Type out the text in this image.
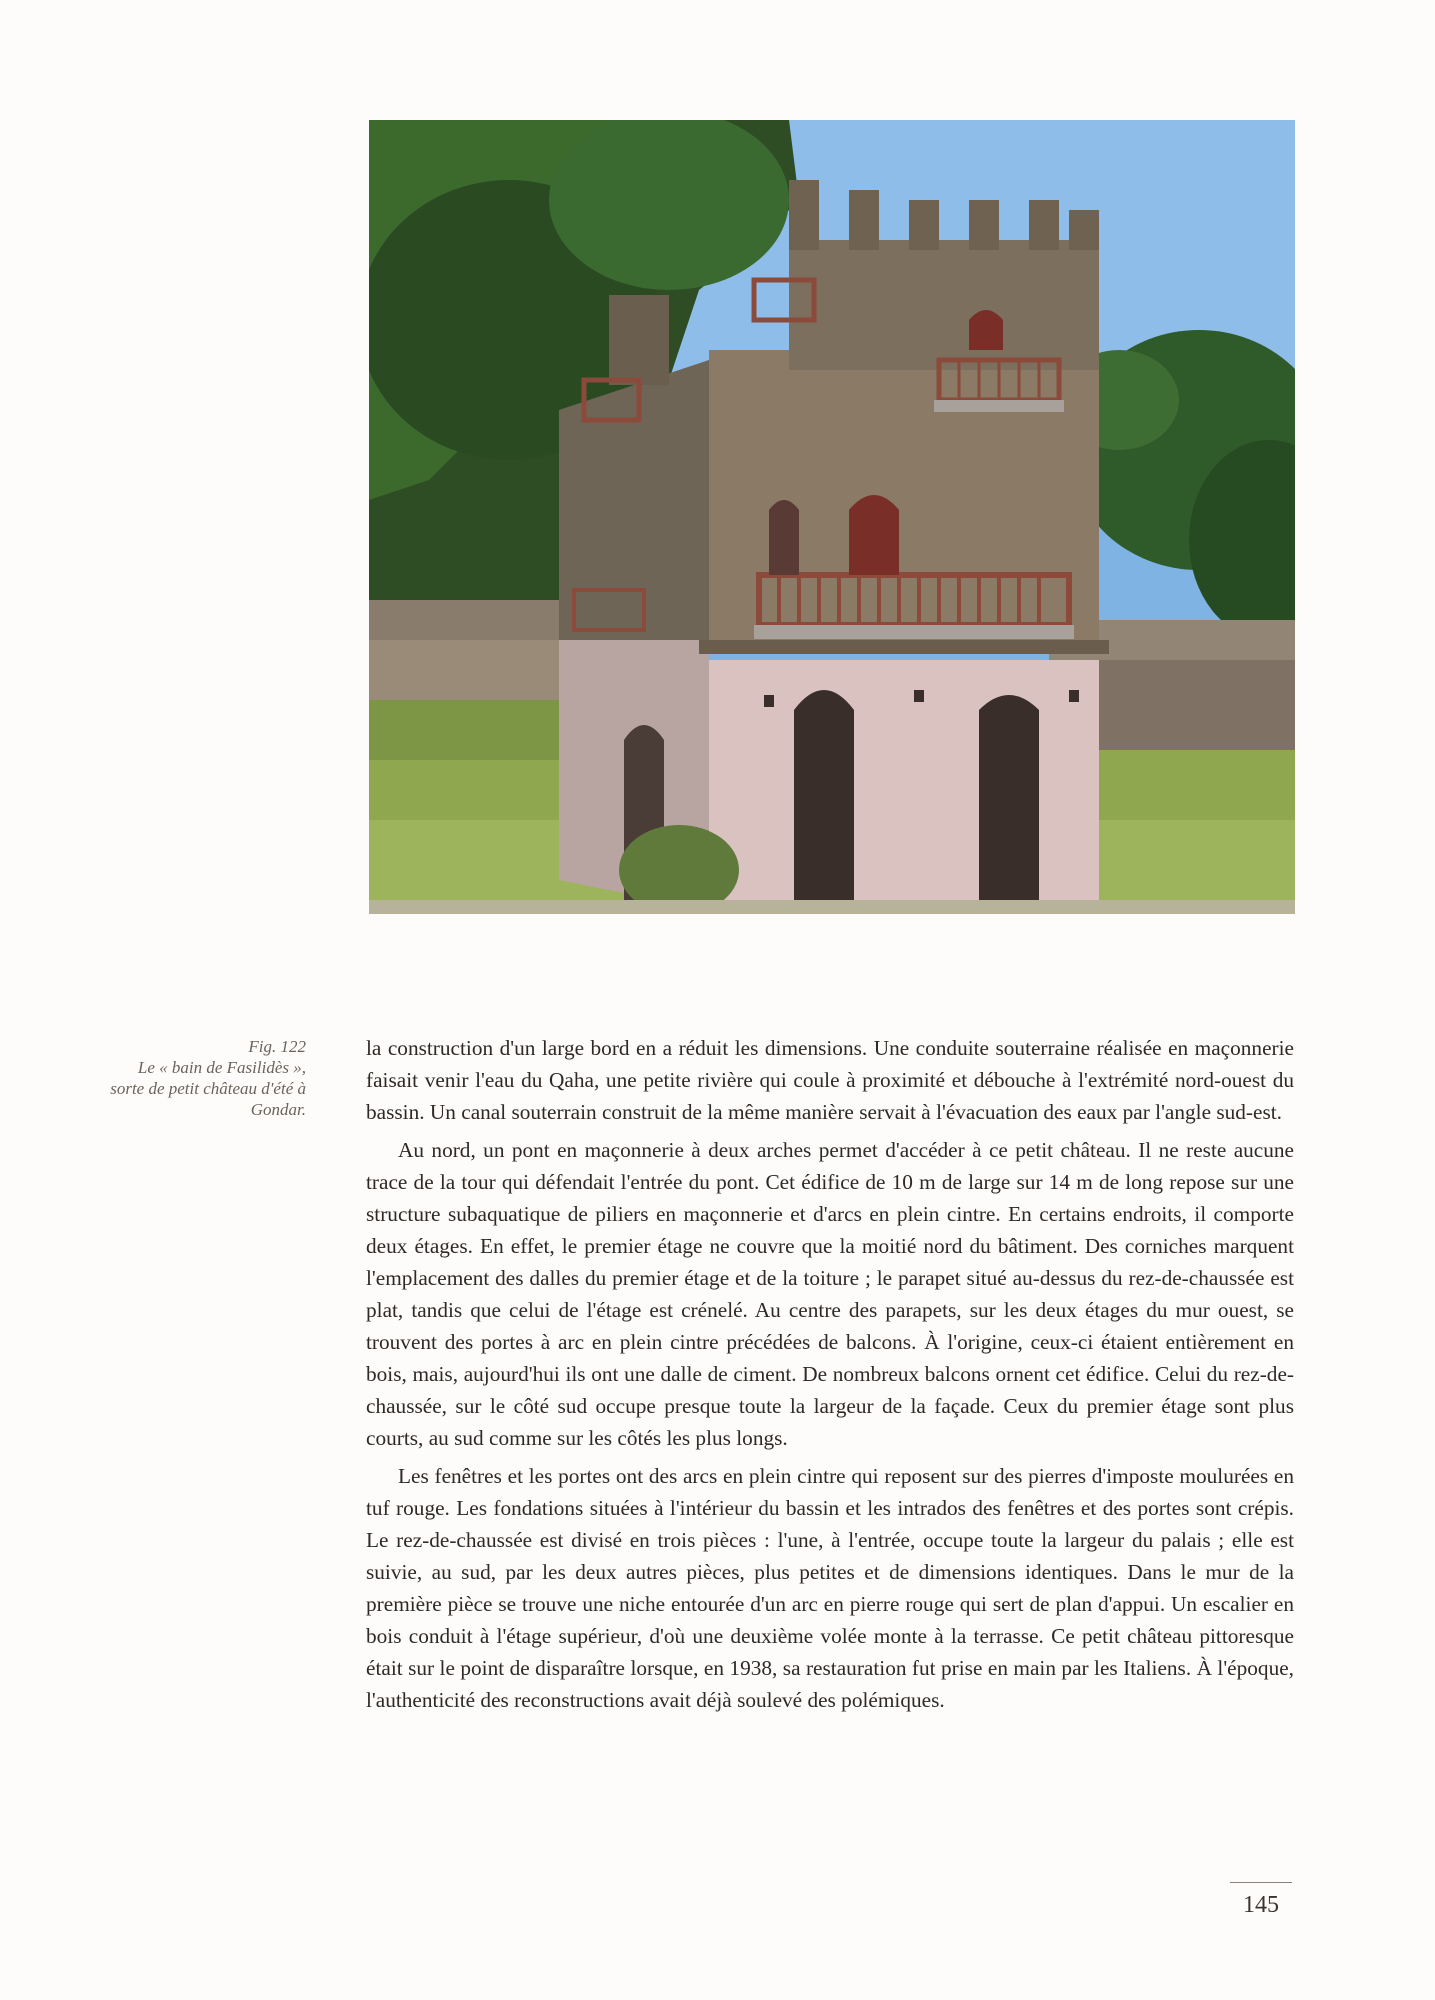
Fig. 122
Le « bain de Fasilidès », sorte de petit château d'été à Gondar.

la construction d'un large bord en a réduit les dimensions. Une conduite souterraine réalisée en maçonnerie faisait venir l'eau du Qaha, une petite rivière qui coule à proximité et débouche à l'extrémité nord-ouest du bassin. Un canal souterrain construit de la même manière servait à l'évacuation des eaux par l'angle sud-est.

Au nord, un pont en maçonnerie à deux arches permet d'accéder à ce petit château. Il ne reste aucune trace de la tour qui défendait l'entrée du pont. Cet édifice de 10 m de large sur 14 m de long repose sur une structure subaquatique de piliers en maçonnerie et d'arcs en plein cintre. En certains endroits, il comporte deux étages. En effet, le premier étage ne couvre que la moitié nord du bâtiment. Des corniches marquent l'emplacement des dalles du premier étage et de la toiture ; le parapet situé au-dessus du rez-de-chaussée est plat, tandis que celui de l'étage est crénelé. Au centre des parapets, sur les deux étages du mur ouest, se trouvent des portes à arc en plein cintre précédées de balcons. À l'origine, ceux-ci étaient entièrement en bois, mais, aujourd'hui ils ont une dalle de ciment. De nombreux balcons ornent cet édifice. Celui du rez-de-chaussée, sur le côté sud occupe presque toute la largeur de la façade. Ceux du premier étage sont plus courts, au sud comme sur les côtés les plus longs.

Les fenêtres et les portes ont des arcs en plein cintre qui reposent sur des pierres d'imposte moulurées en tuf rouge. Les fondations situées à l'intérieur du bassin et les intrados des fenêtres et des portes sont crépis. Le rez-de-chaussée est divisé en trois pièces : l'une, à l'entrée, occupe toute la largeur du palais ; elle est suivie, au sud, par les deux autres pièces, plus petites et de dimensions identiques. Dans le mur de la première pièce se trouve une niche entourée d'un arc en pierre rouge qui sert de plan d'appui. Un escalier en bois conduit à l'étage supérieur, d'où une deuxième volée monte à la terrasse. Ce petit château pittoresque était sur le point de disparaître lorsque, en 1938, sa restauration fut prise en main par les Italiens. À l'époque, l'authenticité des reconstructions avait déjà soulevé des polémiques.

145
